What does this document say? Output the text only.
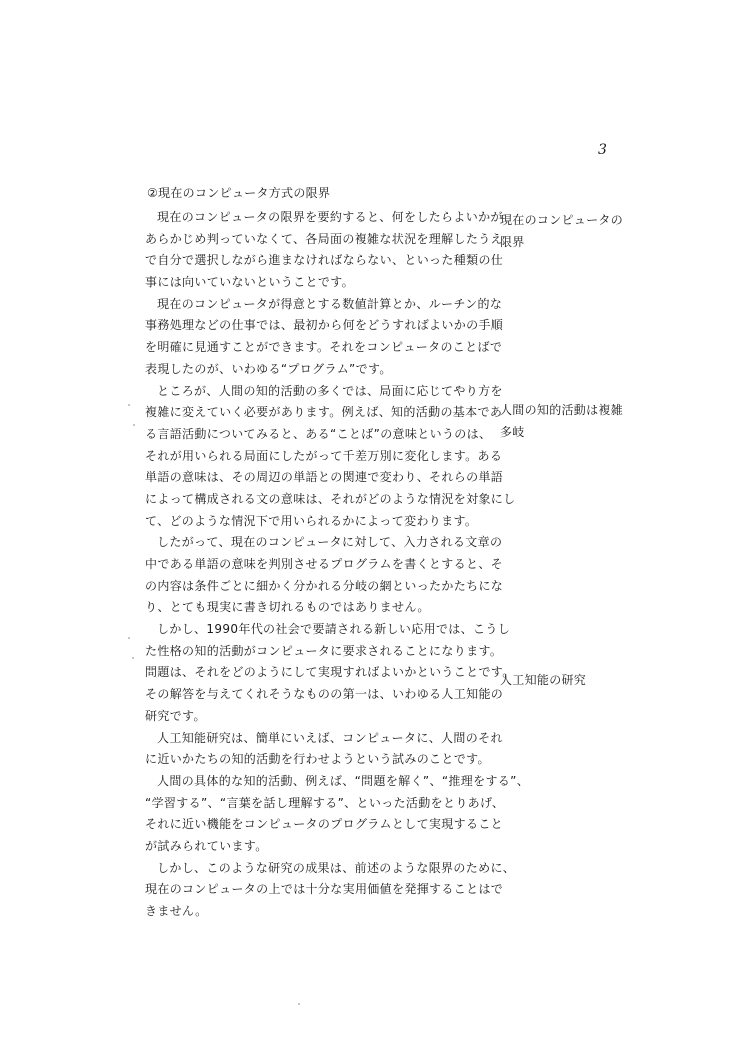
3
②現在のコンピュータ方式の限界
現在のコンピュータの限界を要約すると、何をしたらよいかが
あらかじめ判っていなくて、各局面の複雑な状況を理解したうえ
で自分で選択しながら進まなければならない、といった種類の仕
事には向いていないということです。
現在のコンピュータが得意とする数値計算とか、ルーチン的な
事務処理などの仕事では、最初から何をどうすればよいかの手順
を明確に見通すことができます。それをコンピュータのことばで
表現したのが、いわゆる“プログラム”です。
ところが、人間の知的活動の多くでは、局面に応じてやり方を
複雑に変えていく必要があります。例えば、知的活動の基本であ
る言語活動についてみると、ある“ことば”の意味というのは、
それが用いられる局面にしたがって千差万別に変化します。ある
単語の意味は、その周辺の単語との関連で変わり、それらの単語
によって構成される文の意味は、それがどのような情況を対象にし
て、どのような情況下で用いられるかによって変わります。
したがって、現在のコンピュータに対して、入力される文章の
中である単語の意味を判別させるプログラムを書くとすると、そ
の内容は条件ごとに細かく分かれる分岐の網といったかたちにな
り、とても現実に書き切れるものではありません。
しかし、1990年代の社会で要請される新しい応用では、こうし
た性格の知的活動がコンピュータに要求されることになります。
問題は、それをどのようにして実現すればよいかということです。
その解答を与えてくれそうなものの第一は、いわゆる人工知能の
研究です。
人工知能研究は、簡単にいえば、コンピュータに、人間のそれ
に近いかたちの知的活動を行わせようという試みのことです。
人間の具体的な知的活動、例えば、“問題を解く”、“推理をする”、
“学習する”、“言葉を話し理解する”、といった活動をとりあげ、
それに近い機能をコンピュータのプログラムとして実現すること
が試みられています。
しかし、このような研究の成果は、前述のような限界のために、
現在のコンピュータの上では十分な実用価値を発揮することはで
きません。
現在のコンピュータの
限界
人間の知的活動は複雑
多岐
人工知能の研究
